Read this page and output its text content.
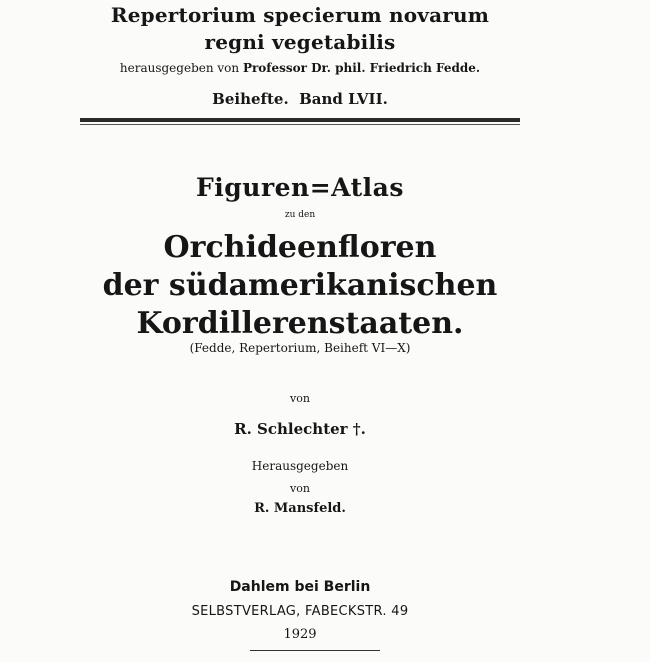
Repertorium specierum novarum
regni vegetabilis
herausgegeben von Professor Dr. phil. Friedrich Fedde.
Beihefte.  Band LVII.
Figuren=Atlas
zu den
Orchideenfloren
der südamerikanischen
Kordillerenstaaten.
(Fedde, Repertorium, Beiheft VI—X)
von
R. Schlechter †.
Herausgegeben
von
R. Mansfeld.
Dahlem bei Berlin
SELBSTVERLAG, FABECKSTR. 49
1929
